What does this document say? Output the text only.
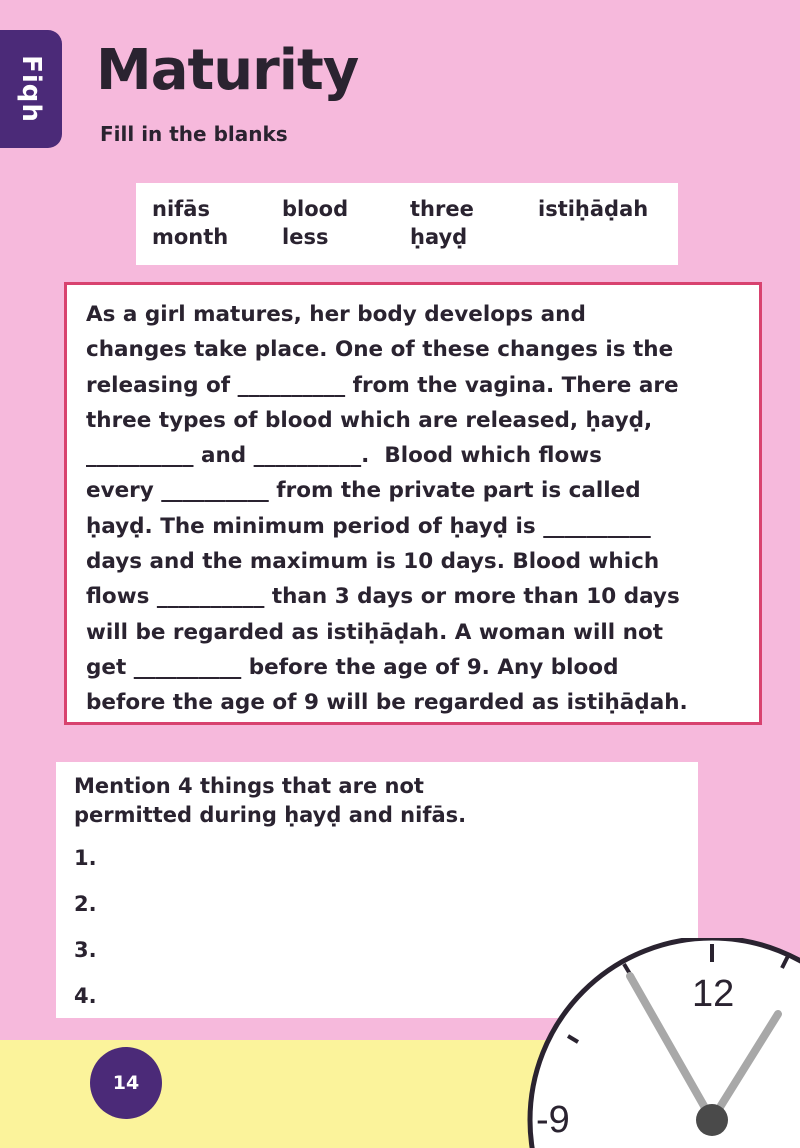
Fiqh Maturity
Fill in the blanks
nifās	blood	three	istiḥāḍah
month	less	ḥayḍ

As a girl matures, her body develops and

changes take place. One of these changes is the

releasing of __________ from the vagina. There are

three types of blood which are released, ḥayḍ,

__________ and __________.  Blood which flows

every __________ from the private part is called

ḥayḍ. The minimum period of ḥayḍ is __________

days and the maximum is 10 days. Blood which

flows __________ than 3 days or more than 10 days

will be regarded as istiḥāḍah. A woman will not

get __________ before the age of 9. Any blood

before the age of 9 will be regarded as istiḥāḍah.

Mention 4 things that are not
permitted during ḥayḍ and nifās.
1.
2.
3.
4.
14
12
-9
